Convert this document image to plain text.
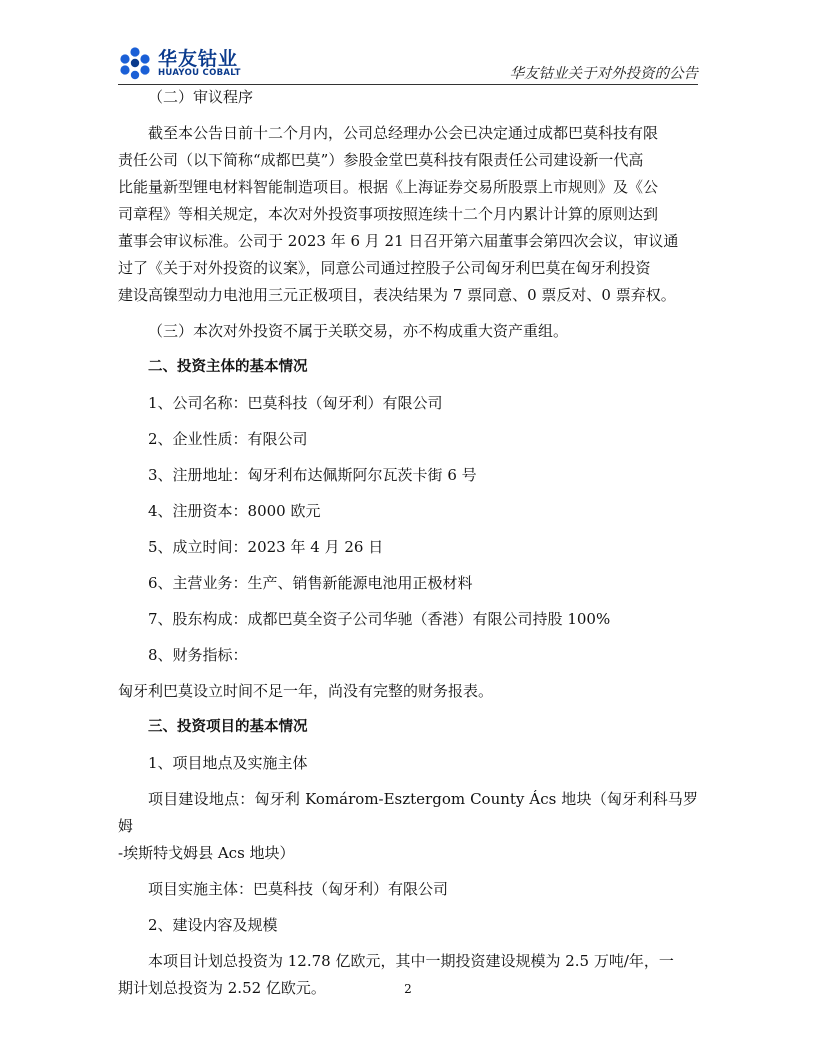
华友钴业
HUAYOU COBALT	华友钴业关于对外投资的公告

（二）审议程序

截至本公告日前十二个月内，公司总经理办公会已决定通过成都巴莫科技有限

责任公司（以下简称“成都巴莫”）参股金堂巴莫科技有限责任公司建设新一代高

比能量新型锂电材料智能制造项目。根据《上海证券交易所股票上市规则》及《公

司章程》等相关规定，本次对外投资事项按照连续十二个月内累计计算的原则达到

董事会审议标准。公司于 2023 年 6 月 21 日召开第六届董事会第四次会议，审议通

过了《关于对外投资的议案》，同意公司通过控股子公司匈牙利巴莫在匈牙利投资

建设高镍型动力电池用三元正极项目，表决结果为 7 票同意、0 票反对、0 票弃权。

（三）本次对外投资不属于关联交易，亦不构成重大资产重组。

二、投资主体的基本情况

1、公司名称：巴莫科技（匈牙利）有限公司

2、企业性质：有限公司

3、注册地址：匈牙利布达佩斯阿尔瓦茨卡街 6 号

4、注册资本：8000 欧元

5、成立时间：2023 年 4 月 26 日

6、主营业务：生产、销售新能源电池用正极材料

7、股东构成：成都巴莫全资子公司华驰（香港）有限公司持股 100%

8、财务指标：

匈牙利巴莫设立时间不足一年，尚没有完整的财务报表。

三、投资项目的基本情况

1、项目地点及实施主体

项目建设地点：匈牙利 Komárom-Esztergom County Ács 地块（匈牙利科马罗姆

-埃斯特戈姆县 Acs 地块）

项目实施主体：巴莫科技（匈牙利）有限公司

2、建设内容及规模

本项目计划总投资为 12.78 亿欧元，其中一期投资建设规模为 2.5 万吨/年，一

期计划总投资为 2.52 亿欧元。	2
